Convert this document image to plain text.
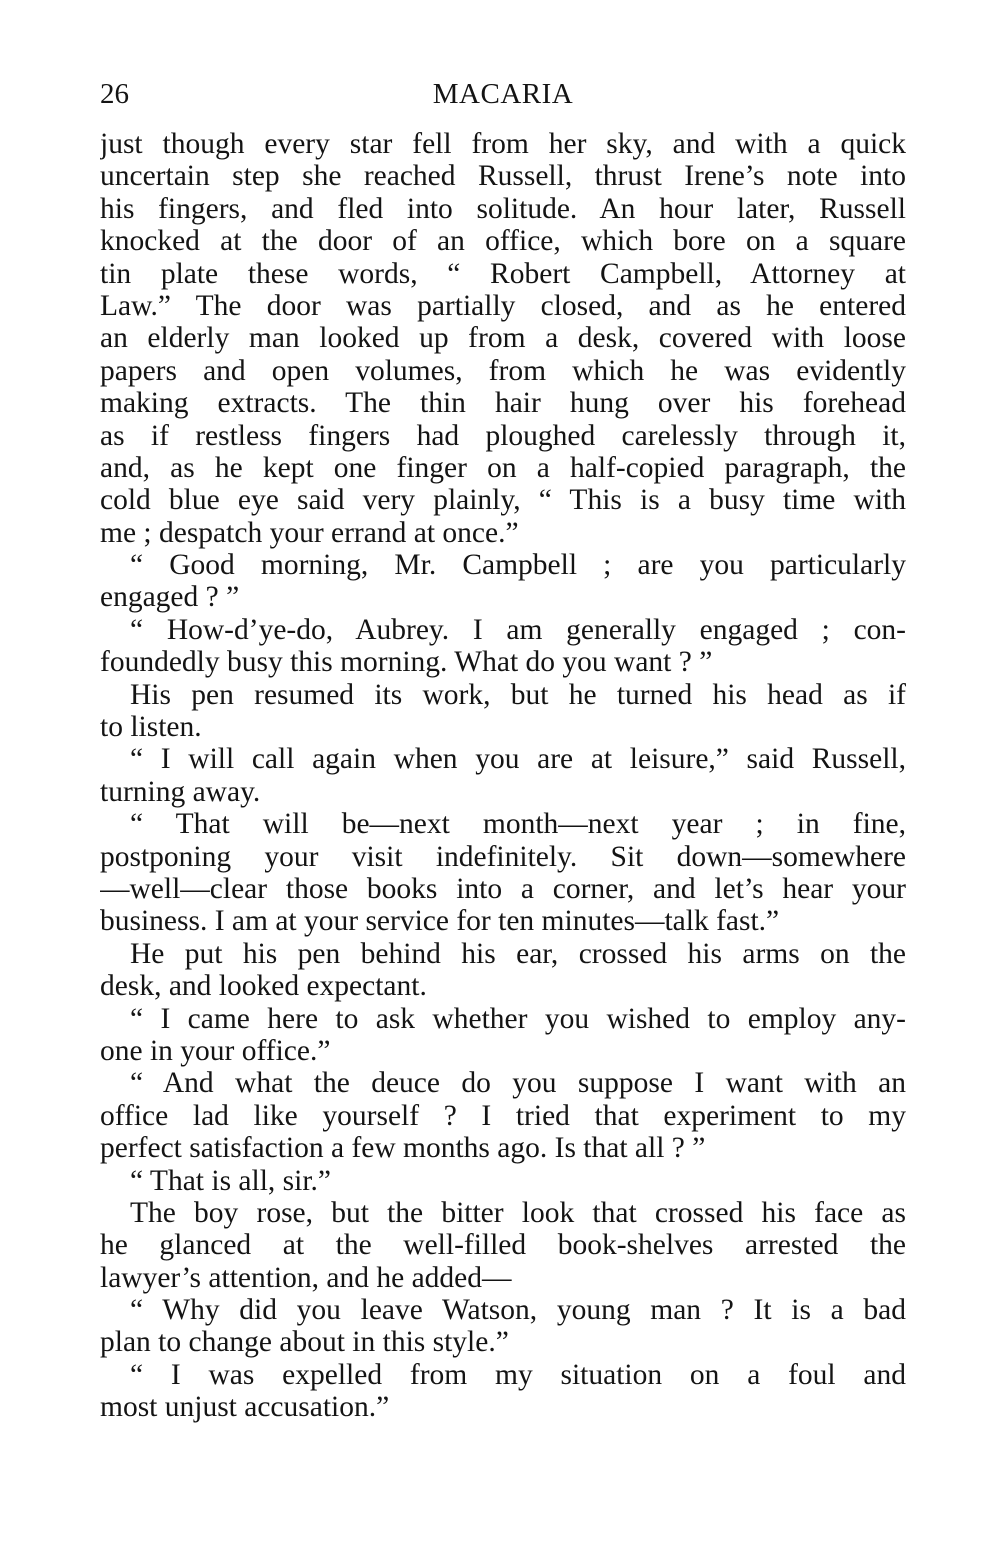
26	MACARIA
just though every star fell from her sky, and with a quick
uncertain step she reached Russell, thrust Irene’s note into
his fingers, and fled into solitude. An hour later, Russell
knocked at the door of an office, which bore on a square
tin plate these words, “ Robert Campbell, Attorney at
Law.” The door was partially closed, and as he entered
an elderly man looked up from a desk, covered with loose
papers and open volumes, from which he was evidently
making extracts. The thin hair hung over his forehead
as if restless fingers had ploughed carelessly through it,
and, as he kept one finger on a half-copied paragraph, the
cold blue eye said very plainly, “ This is a busy time with
me ; despatch your errand at once.”
“ Good morning, Mr. Campbell ; are you particularly
engaged ? ”
“ How-d’ye-do, Aubrey. I am generally engaged ; con-
foundedly busy this morning. What do you want ? ”
His pen resumed its work, but he turned his head as if
to listen.
“ I will call again when you are at leisure,” said Russell,
turning away.
“ That will be—next month—next year ; in fine,
postponing your visit indefinitely. Sit down—somewhere
—well—clear those books into a corner, and let’s hear your
business. I am at your service for ten minutes—talk fast.”
He put his pen behind his ear, crossed his arms on the
desk, and looked expectant.
“ I came here to ask whether you wished to employ any-
one in your office.”
“ And what the deuce do you suppose I want with an
office lad like yourself ? I tried that experiment to my
perfect satisfaction a few months ago. Is that all ? ”
“ That is all, sir.”
The boy rose, but the bitter look that crossed his face as
he glanced at the well-filled book-shelves arrested the
lawyer’s attention, and he added—
“ Why did you leave Watson, young man ? It is a bad
plan to change about in this style.”
“ I was expelled from my situation on a foul and
most unjust accusation.”
